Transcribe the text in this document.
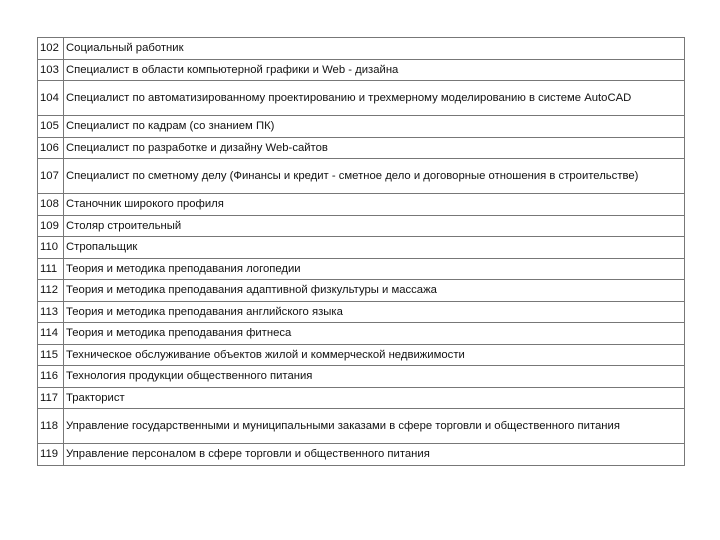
102	Социальный работник
103	Специалист в области компьютерной графики и Web - дизайна
104	Специалист по автоматизированному проектированию и трехмерному моделированию в системе AutoCAD
105	Специалист по кадрам (со знанием ПК)
106	Специалист по разработке и дизайну Web-сайтов
107	Специалист по сметному делу (Финансы и кредит - сметное дело и договорные отношения в строительстве)
108	Станочник широкого профиля
109	Столяр строительный
110	Стропальщик
111	Теория и методика преподавания логопедии
112	Теория и методика преподавания адаптивной физкультуры и массажа
113	Теория и методика преподавания английского языка
114	Теория и методика преподавания фитнеса
115	Техническое обслуживание объектов жилой и коммерческой недвижимости
116	Технология продукции общественного питания
117	Тракторист
118	Управление государственными и муниципальными заказами в сфере торговли и общественного питания
119	Управление персоналом в сфере торговли и общественного питания
